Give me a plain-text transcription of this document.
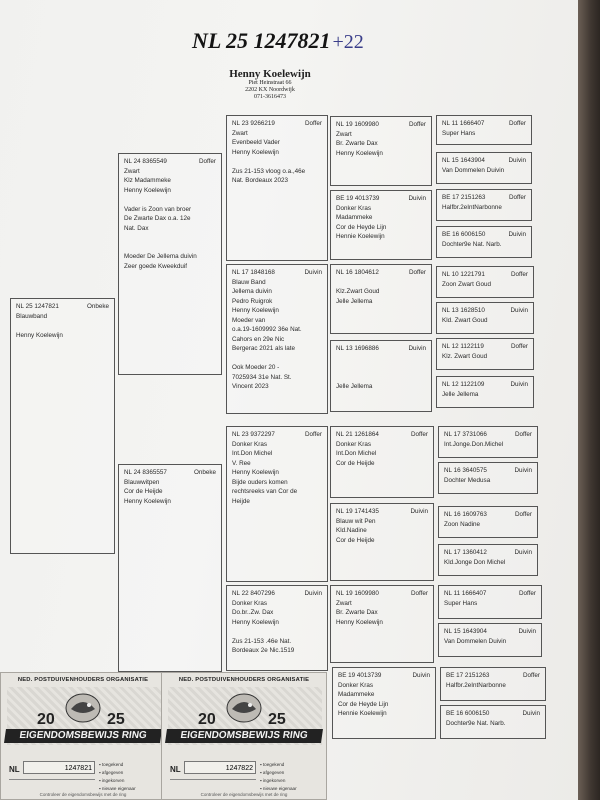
NL 25 1247821 +22
Henny Koelewijn
Piet Heinstraat 66
2202 KX Noordwijk
071-3616473
NL 25 1247821	Onbeke
Blauwband

Henny Koelewijn
NL 24 8365549	Doffer
Zwart
Klz Madammeke
Henny Koelewijn

Vader is Zoon van broer
De Zwarte Dax o.a. 12e
Nat. Dax

Moeder De Jellema duivin
Zeer goede Kweekduif
NL 24 8365557	Onbeke
Blauwwitpen
Cor de Heijde
Henny Koelewijn
NL 23 9266219	Doffer
Zwart
Evenbeeld Vader
Henny Koelewijn

Zus 21-153 vloog o.a.,46e
Nat. Bordeaux 2023
NL 17 1848168	Duivin
Blauw Band
Jellema duivin
Pedro Ruigrok
Henny Koelewijn
Moeder van
o.a.19-1609992 36e Nat.
Cahors en 29e Nic
Bergerac 2021 als late

Ook Moeder 20 -
7025934 31e Nat. St.
Vincent 2023
NL 23 9372297	Doffer
Donker Kras
Int.Don Michel
V. Ree
Henny Koelewijn
Bijde ouders komen
rechtsreeks van Cor de
Heijde
NL 22 8407296	Duivin
Donker Kras
Do.br..Zw. Dax
Henny Koelewijn

Zus 21-153 .46e Nat.
Bordeaux 2e Nic.1519
NL 19 1609980	Doffer
Zwart
Br. Zwarte Dax
Henny Koelewijn
BE 19 4013739	Duivin
Donker Kras
Madammeke
Cor de Heyde Lijn
Hennie Koelewijn
NL 16 1804612	Doffer

Klz.Zwart Goud
Jelle Jellema
NL 13 1696886	Duivin

Jelle Jellema
NL 21 1261864	Doffer
Donker Kras
Int.Don Michel
Cor de Heijde
NL 19 1741435	Duivin
Blauw wit Pen
Kld.Nadine
Cor de Heijde
NL 19 1609980	Doffer
Zwart
Br. Zwarte Dax
Henny Koelewijn
BE 19 4013739	Duivin
Donker Kras
Madammeke
Cor de Heyde Lijn
Hennie Koelewijn
NL 11 1666407	Doffer
Super Hans
NL 15 1643904	Duivin
Van Dommelen Duivin
BE 17 2151263	Doffer
Halfbr.2eIntNarbonne
BE 16 6006150	Duivin
Dochter9e Nat. Narb.
NL 10 1221791	Doffer
Zoon Zwart Goud
NL 13 1628510	Duivin
Kld. Zwart Goud
NL 12 1122119	Doffer
Klz. Zwart Goud
NL 12 1122109	Duivin
Jelle Jellema
NL 17 3731066	Doffer
Int.Jonge.Don.Michel
NL 16 3640575	Duivin
Dochter Medusa
NL 16 1609763	Doffer
Zoon Nadine
NL 17 1360412	Duivin
Kld.Jonge Don Michel
NL 11 1666407	Doffer
Super Hans
NL 15 1643904	Duivin
Van Dommelen Duivin
BE 17 2151263	Doffer
Halfbr.2eIntNarbonne
BE 16 6006150	Duivin
Dochter9e Nat. Narb.
NED. POSTDUIVENHOUDERS ORGANISATIE
20	25
EIGENDOMSBEWIJS RING
NL	1247821
▪ toegekend
▪ afgegeven
▪ ingekorven
▪ nieuwe eigenaar
Controleer de eigendomsbewijs met de ring
NED. POSTDUIVENHOUDERS ORGANISATIE
20	25
EIGENDOMSBEWIJS RING
NL	1247822
▪ toegekend
▪ afgegeven
▪ ingekorven
▪ nieuwe eigenaar
Controleer de eigendomsbewijs met de ring
